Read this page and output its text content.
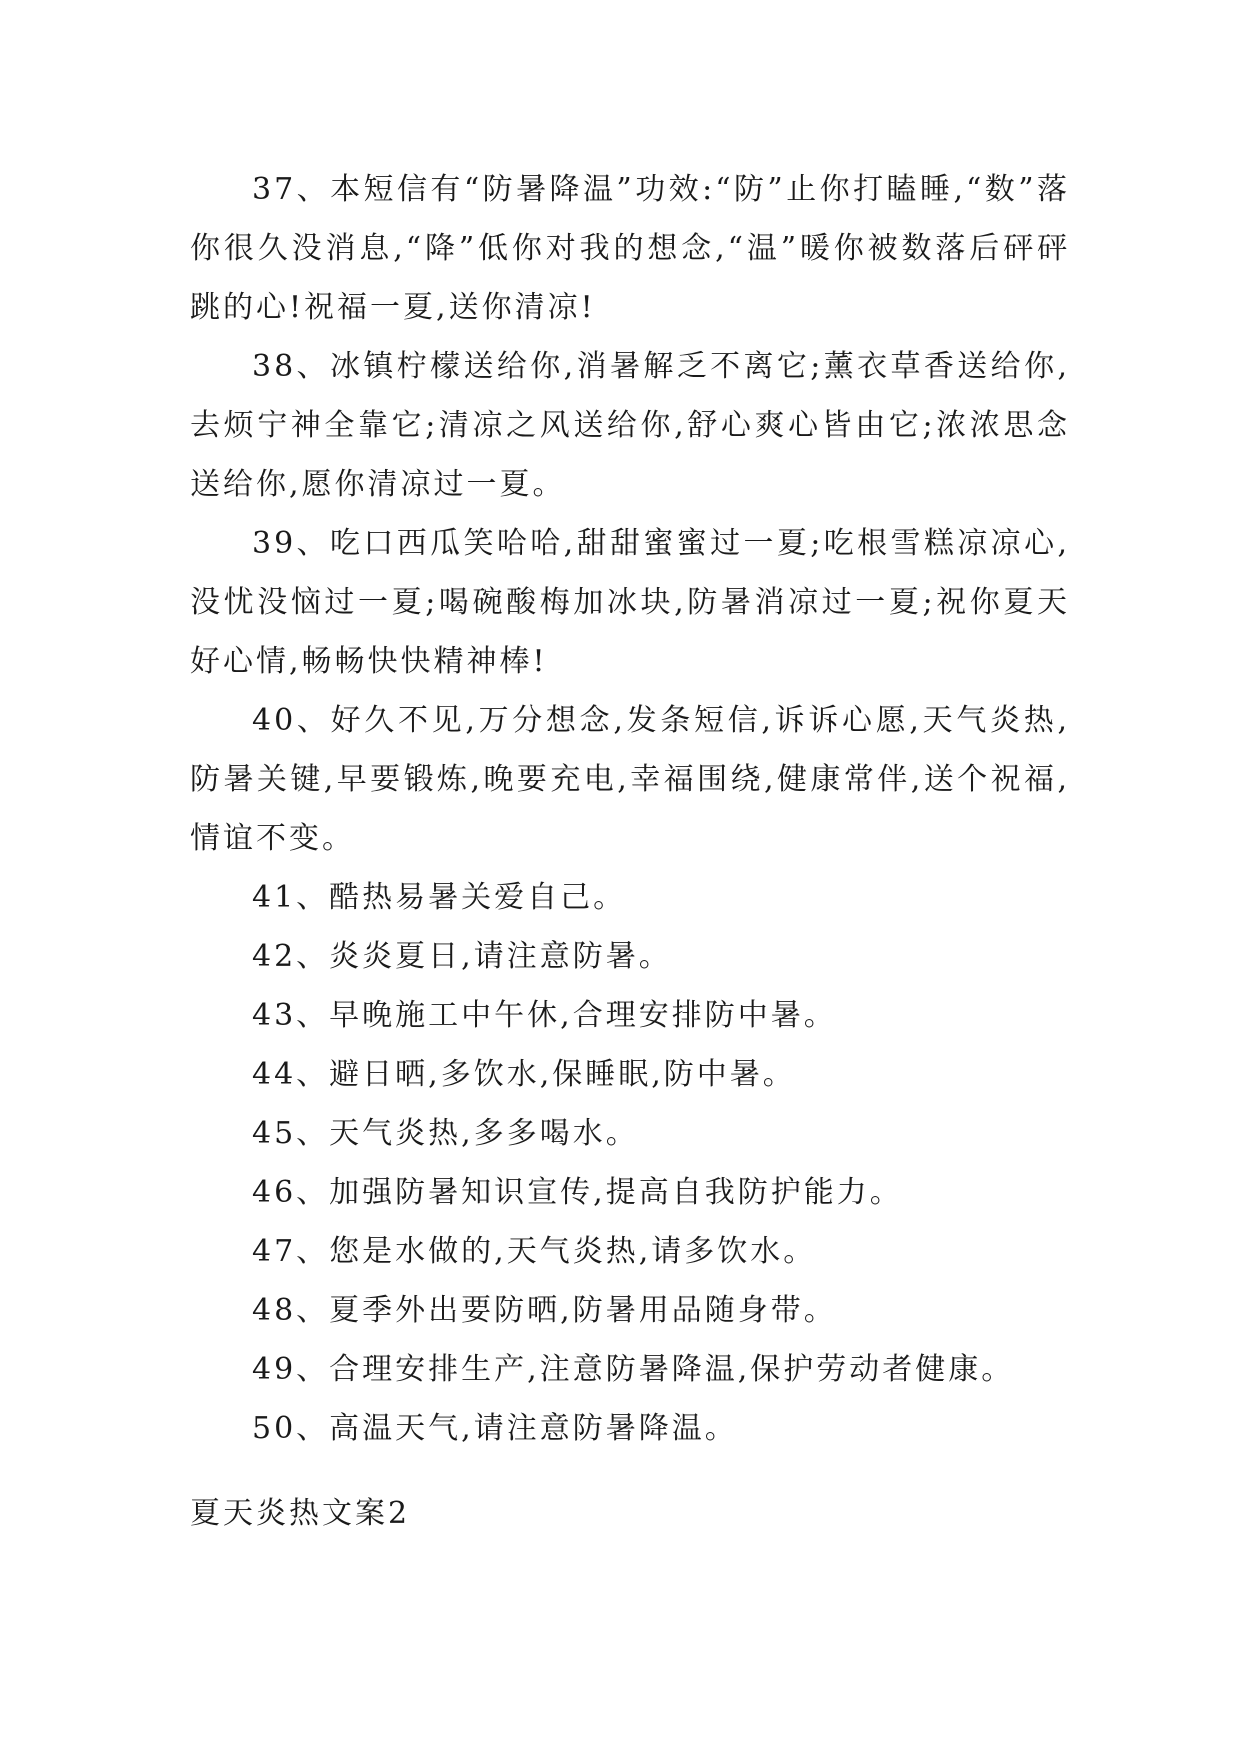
37、本短信有“防暑降温”功效:“防”止你打瞌睡,“数”落你很久没消息,“降”低你对我的想念,“温”暖你被数落后砰砰跳的心!祝福一夏,送你清凉!

38、冰镇柠檬送给你,消暑解乏不离它;薰衣草香送给你,去烦宁神全靠它;清凉之风送给你,舒心爽心皆由它;浓浓思念送给你,愿你清凉过一夏。

39、吃口西瓜笑哈哈,甜甜蜜蜜过一夏;吃根雪糕凉凉心,没忧没恼过一夏;喝碗酸梅加冰块,防暑消凉过一夏;祝你夏天好心情,畅畅快快精神棒!

40、好久不见,万分想念,发条短信,诉诉心愿,天气炎热,防暑关键,早要锻炼,晚要充电,幸福围绕,健康常伴,送个祝福,情谊不变。

41、酷热易暑关爱自己。

42、炎炎夏日,请注意防暑。

43、早晚施工中午休,合理安排防中暑。

44、避日晒,多饮水,保睡眠,防中暑。

45、天气炎热,多多喝水。

46、加强防暑知识宣传,提高自我防护能力。

47、您是水做的,天气炎热,请多饮水。

48、夏季外出要防晒,防暑用品随身带。

49、合理安排生产,注意防暑降温,保护劳动者健康。

50、高温天气,请注意防暑降温。

夏天炎热文案2
